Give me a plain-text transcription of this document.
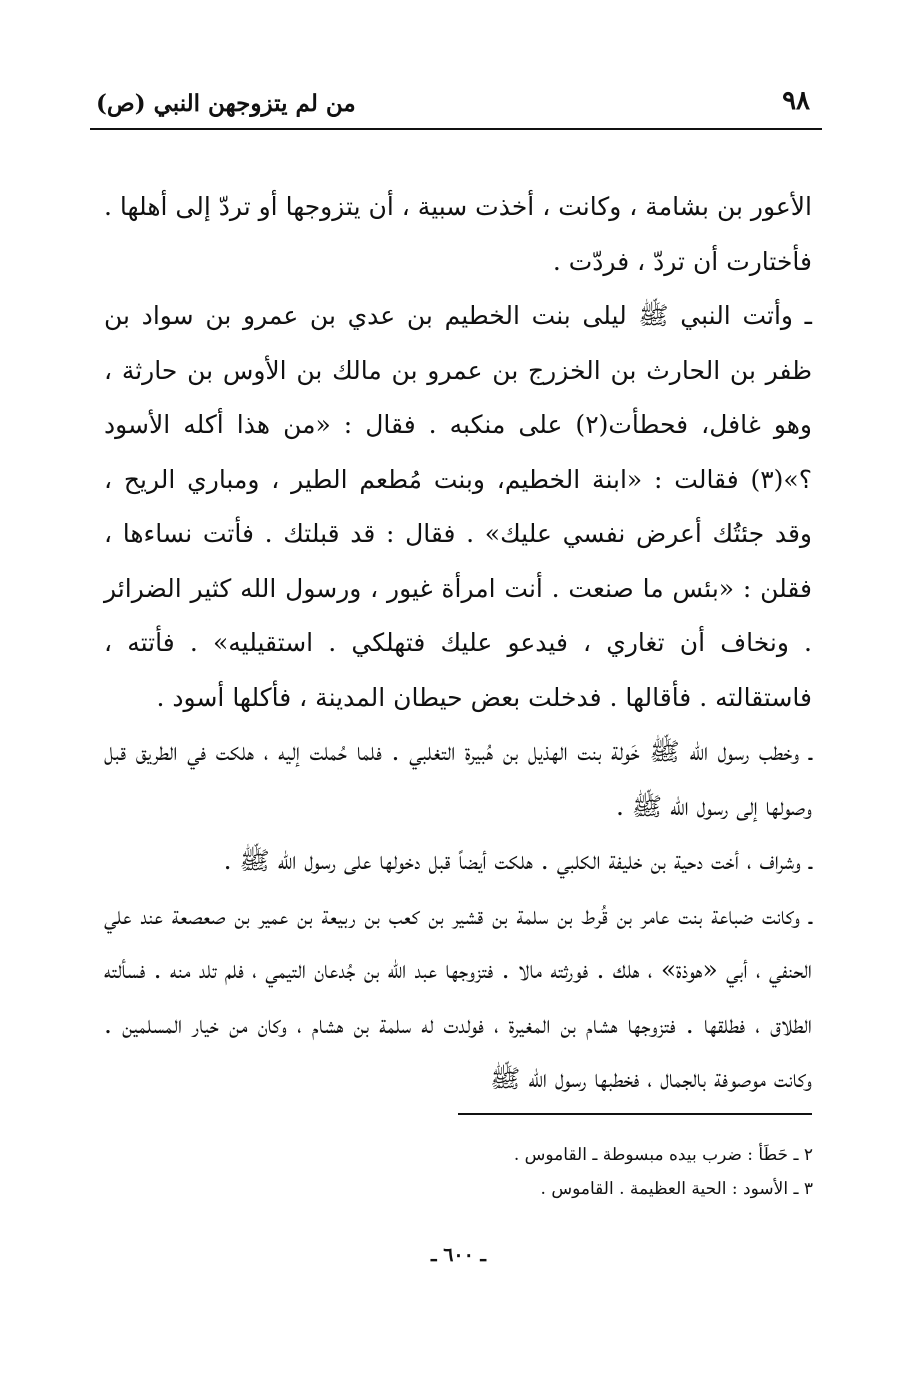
٩٨
من لم يتزوجهن النبي (ص)

الأعور بن بشامة ، وكانت ، أخذت سبية ، أن يتزوجها أو تردّ إلى أهلها . فأختارت أن تردّ ، فردّت .

ـ وأتت النبي ﷺ ليلى بنت الخطيم بن عدي بن عمرو بن سواد بن ظفر بن الحارث بن الخزرج بن عمرو بن مالك بن الأوس بن حارثة ، وهو غافل، فحطأت(٢) على منكبه . فقال : «من هذا أكله الأسود ؟»(٣) فقالت : «ابنة الخطيم، وبنت مُطعم الطير ، ومباري الريح ، وقد جئتُك أعرض نفسي عليك» . فقال : قد قبلتك . فأتت نساءها ، فقلن : «بئس ما صنعت . أنت امرأة غيور ، ورسول الله كثير الضرائر . ونخاف أن تغاري ، فيدعو عليك فتهلكي . استقيليه» . فأتته ، فاستقالته . فأقالها . فدخلت بعض حيطان المدينة ، فأكلها أسود .

ـ وخطب رسول الله ﷺ خَولة بنت الهذيل بن هُبيرة التغلبي . فلما حُملت إليه ، هلكت في الطريق قبل وصولها إلى رسول الله ﷺ .

ـ وشراف ، أخت دحية بن خليفة الكلبي . هلكت أيضاً قبل دخولها على رسول الله ﷺ .

ـ وكانت ضباعة بنت عامر بن قُرط بن سلمة بن قشير بن كعب بن ربيعة بن عمير بن صعصعة عند علي الحنفي ، أبي «هوذة» ، هلك . فورثته مالا . فتزوجها عبد الله بن جُدعان التيمي ، فلم تلد منه . فسألته الطلاق ، فطلقها . فتزوجها هشام بن المغيرة ، فولدت له سلمة بن هشام ، وكان من خيار المسلمين . وكانت موصوفة بالجمال ، فخطبها رسول الله ﷺ

٢ ـ حَطَأ : ضرب بيده مبسوطة ـ القاموس .
٣ ـ الأسود : الحية العظيمة . القاموس .
ـ ٦٠٠ ـ
